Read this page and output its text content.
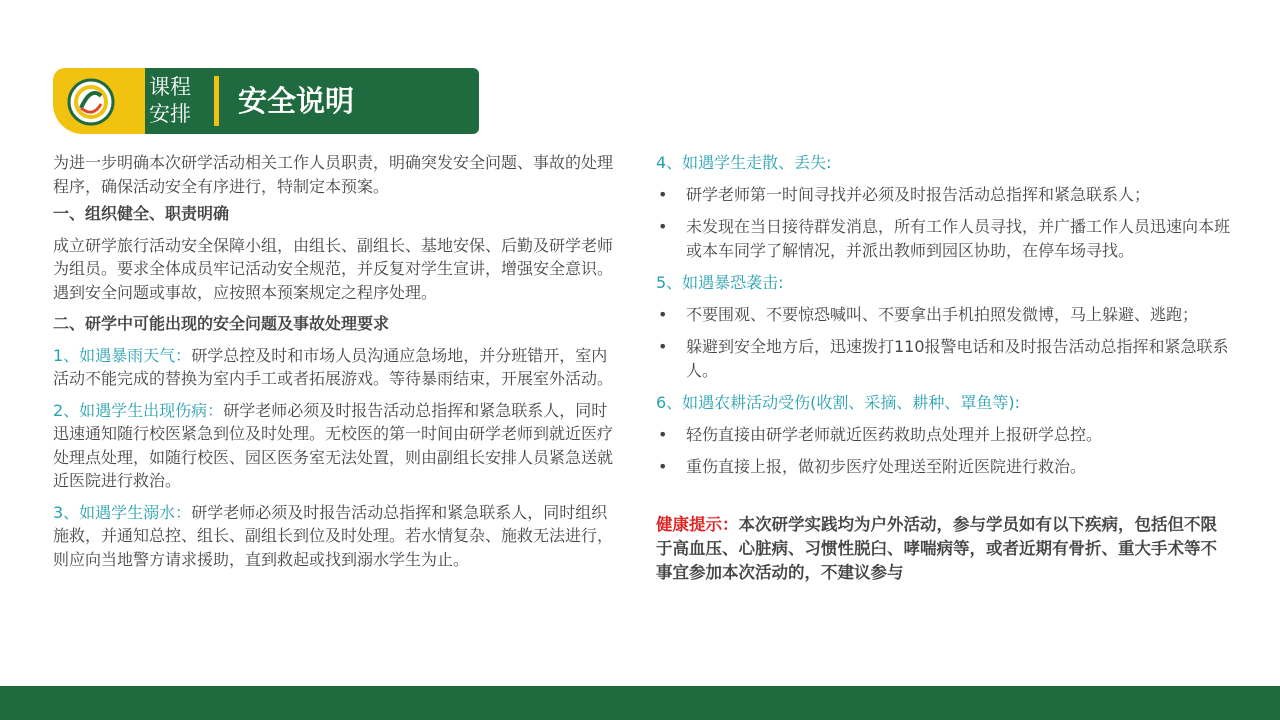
课程
安排	安全说明

为进一步明确本次研学活动相关工作人员职责，明确突发安全问题、事故的处理程序，确保活动安全有序进行，特制定本预案。

一、组织健全、职责明确

成立研学旅行活动安全保障小组，由组长、副组长、基地安保、后勤及研学老师为组员。要求全体成员牢记活动安全规范，并反复对学生宣讲，增强安全意识。遇到安全问题或事故，应按照本预案规定之程序处理。

二、研学中可能出现的安全问题及事故处理要求

1、如遇暴雨天气：研学总控及时和市场人员沟通应急场地，并分班错开，室内活动不能完成的替换为室内手工或者拓展游戏。等待暴雨结束，开展室外活动。

2、如遇学生出现伤病：研学老师必须及时报告活动总指挥和紧急联系人，同时迅速通知随行校医紧急到位及时处理。无校医的第一时间由研学老师到就近医疗处理点处理，如随行校医、园区医务室无法处置，则由副组长安排人员紧急送就近医院进行救治。

3、如遇学生溺水：研学老师必须及时报告活动总指挥和紧急联系人，同时组织施救，并通知总控、组长、副组长到位及时处理。若水情复杂、施救无法进行，则应向当地警方请求援助，直到救起或找到溺水学生为止。

4、如遇学生走散、丢失:

• 研学老师第一时间寻找并必须及时报告活动总指挥和紧急联系人；
• 未发现在当日接待群发消息，所有工作人员寻找，并广播工作人员迅速向本班或本车同学了解情况，并派出教师到园区协助，在停车场寻找。

5、如遇暴恐袭击:

• 不要围观、不要惊恐喊叫、不要拿出手机拍照发微博，马上躲避、逃跑；
• 躲避到安全地方后，迅速拨打110报警电话和及时报告活动总指挥和紧急联系人。

6、如遇农耕活动受伤(收割、采摘、耕种、罩鱼等):

• 轻伤直接由研学老师就近医药救助点处理并上报研学总控。
• 重伤直接上报，做初步医疗处理送至附近医院进行救治。

健康提示：本次研学实践均为户外活动，参与学员如有以下疾病，包括但不限于高血压、心脏病、习惯性脱臼、哮喘病等，或者近期有骨折、重大手术等不事宜参加本次活动的，不建议参与
